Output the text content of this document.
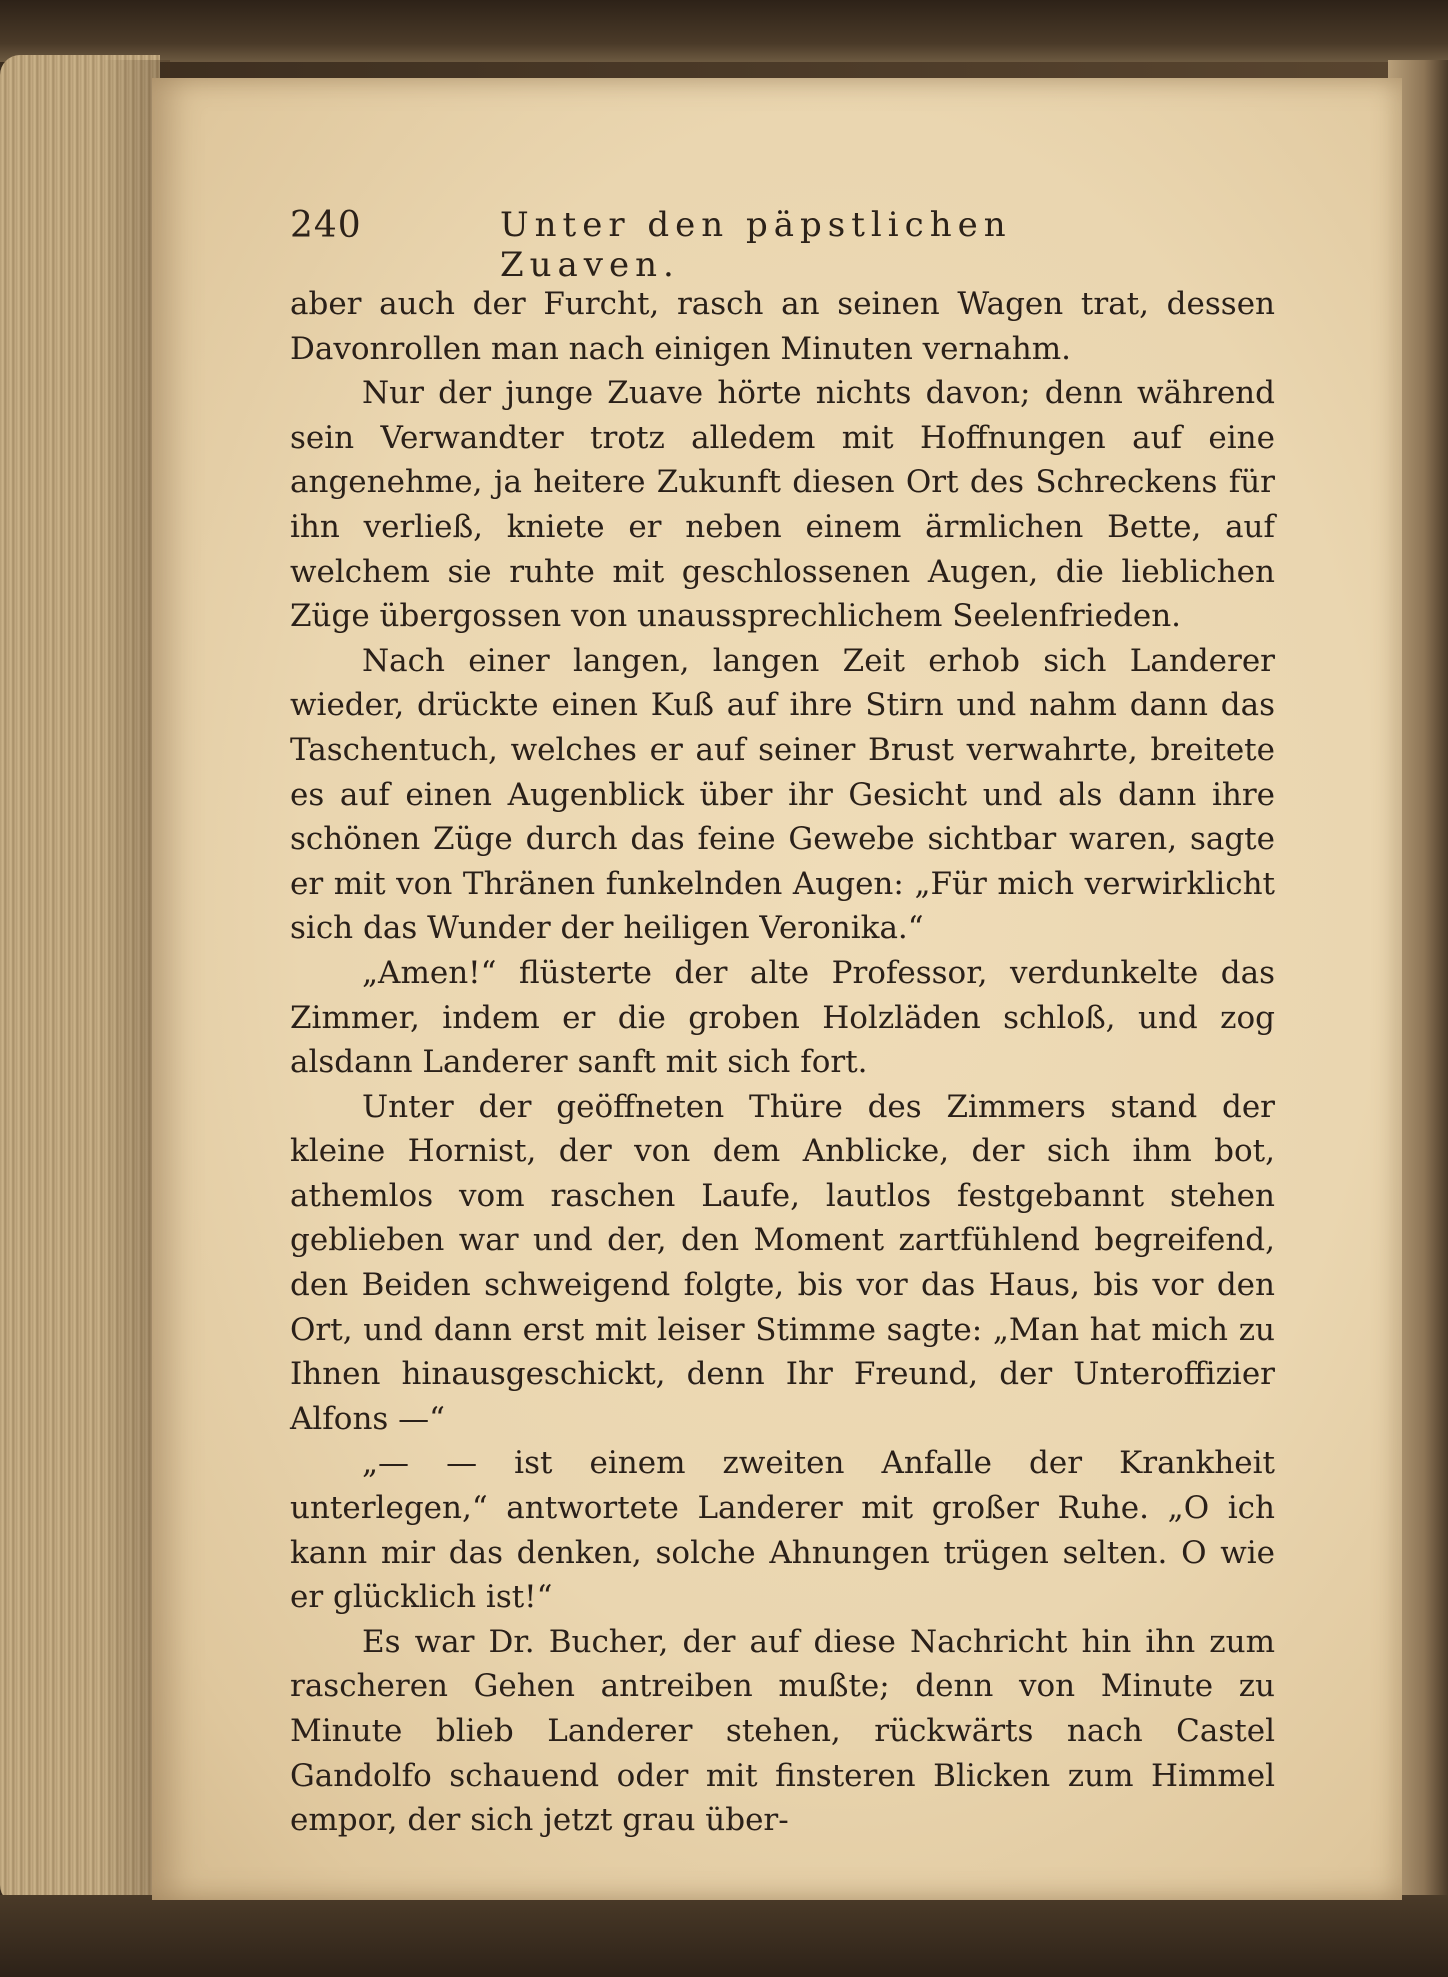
240	Unter den päpstlichen Zuaven.

aber auch der Furcht, rasch an seinen Wagen trat, dessen Davonrollen man nach einigen Minuten vernahm.

Nur der junge Zuave hörte nichts davon; denn während sein Verwandter trotz alledem mit Hoffnungen auf eine angenehme, ja heitere Zukunft diesen Ort des Schreckens für ihn verließ, kniete er neben einem ärmlichen Bette, auf welchem sie ruhte mit geschlossenen Augen, die lieblichen Züge übergossen von unaussprechlichem Seelenfrieden.

Nach einer langen, langen Zeit erhob sich Landerer wieder, drückte einen Kuß auf ihre Stirn und nahm dann das Taschentuch, welches er auf seiner Brust verwahrte, breitete es auf einen Augenblick über ihr Gesicht und als dann ihre schönen Züge durch das feine Gewebe sichtbar waren, sagte er mit von Thränen funkelnden Augen: „Für mich verwirklicht sich das Wunder der heiligen Veronika.“

„Amen!“ flüsterte der alte Professor, verdunkelte das Zimmer, indem er die groben Holzläden schloß, und zog alsdann Landerer sanft mit sich fort.

Unter der geöffneten Thüre des Zimmers stand der kleine Hornist, der von dem Anblicke, der sich ihm bot, athemlos vom raschen Laufe, lautlos festgebannt stehen geblieben war und der, den Moment zartfühlend begreifend, den Beiden schweigend folgte, bis vor das Haus, bis vor den Ort, und dann erst mit leiser Stimme sagte: „Man hat mich zu Ihnen hinausgeschickt, denn Ihr Freund, der Unteroffizier Alfons —“

„— — ist einem zweiten Anfalle der Krankheit unterlegen,“ antwortete Landerer mit großer Ruhe. „O ich kann mir das denken, solche Ahnungen trügen selten. O wie er glücklich ist!“

Es war Dr. Bucher, der auf diese Nachricht hin ihn zum rascheren Gehen antreiben mußte; denn von Minute zu Minute blieb Landerer stehen, rückwärts nach Castel Gandolfo schauend oder mit finsteren Blicken zum Himmel empor, der sich jetzt grau über-
